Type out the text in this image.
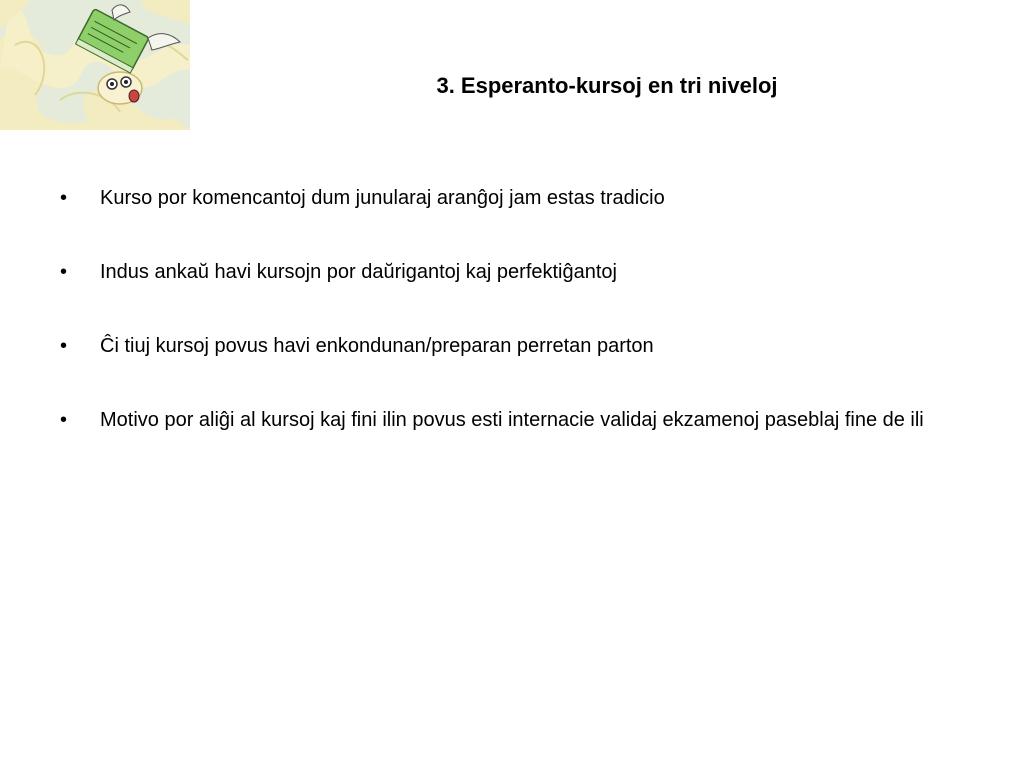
3. Esperanto-kursoj en tri niveloj
•	Kurso por komencantoj dum junularaj aranĝoj jam estas tradicio
•	Indus ankaŭ havi kursojn por daŭrigantoj kaj perfektiĝantoj
•	Ĉi tiuj kursoj povus havi enkondunan/preparan perretan parton
•	Motivo por aliĝi al kursoj kaj fini ilin povus esti internacie validaj ekzamenoj paseblaj fine de ili
